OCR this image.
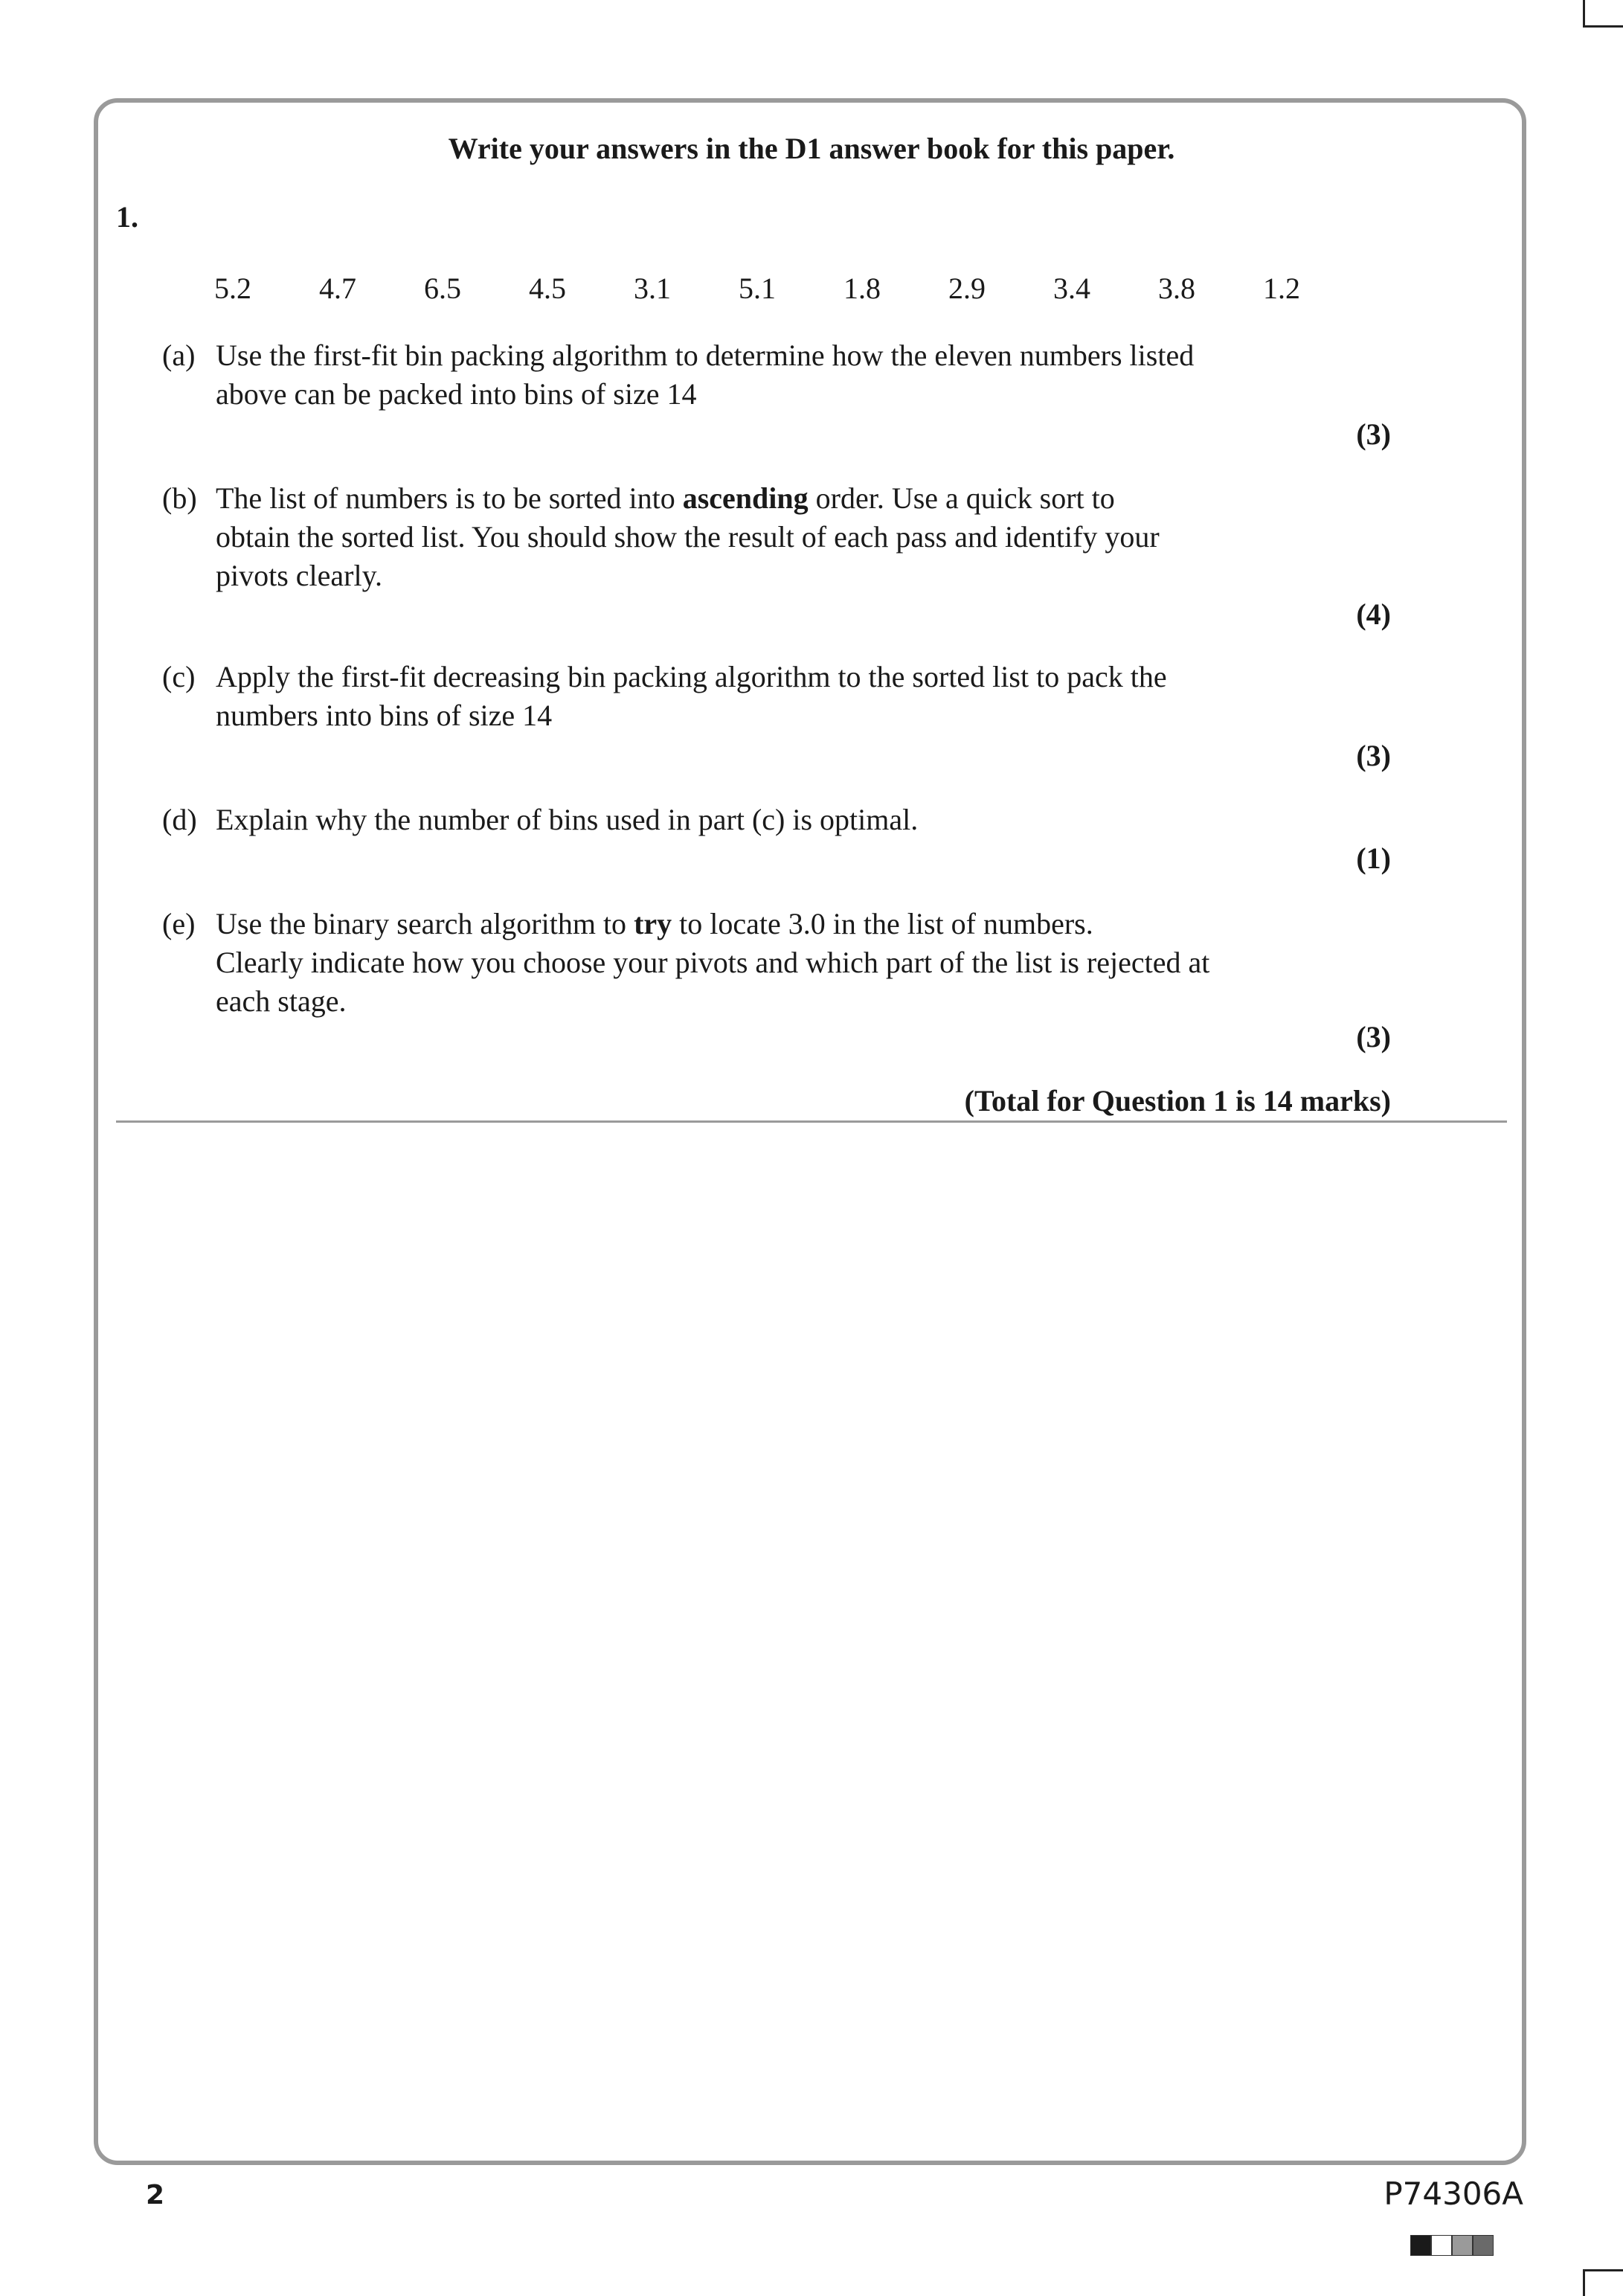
Write your answers in the D1 answer book for this paper.
1.
5.2	4.7	6.5	4.5	3.1	5.1	1.8	2.9	3.4	3.8	1.2
(a) Use the first-fit bin packing algorithm to determine how the eleven numbers listed
above can be packed into bins of size 14
(3)
(b) The list of numbers is to be sorted into ascending order. Use a quick sort to
obtain the sorted list. You should show the result of each pass and identify your
pivots clearly.
(4)
(c) Apply the first-fit decreasing bin packing algorithm to the sorted list to pack the
numbers into bins of size 14
(3)
(d) Explain why the number of bins used in part (c) is optimal.
(1)
(e) Use the binary search algorithm to try to locate 3.0 in the list of numbers.
Clearly indicate how you choose your pivots and which part of the list is rejected at
each stage.
(3)
(Total for Question 1 is 14 marks)
2	P74306A
